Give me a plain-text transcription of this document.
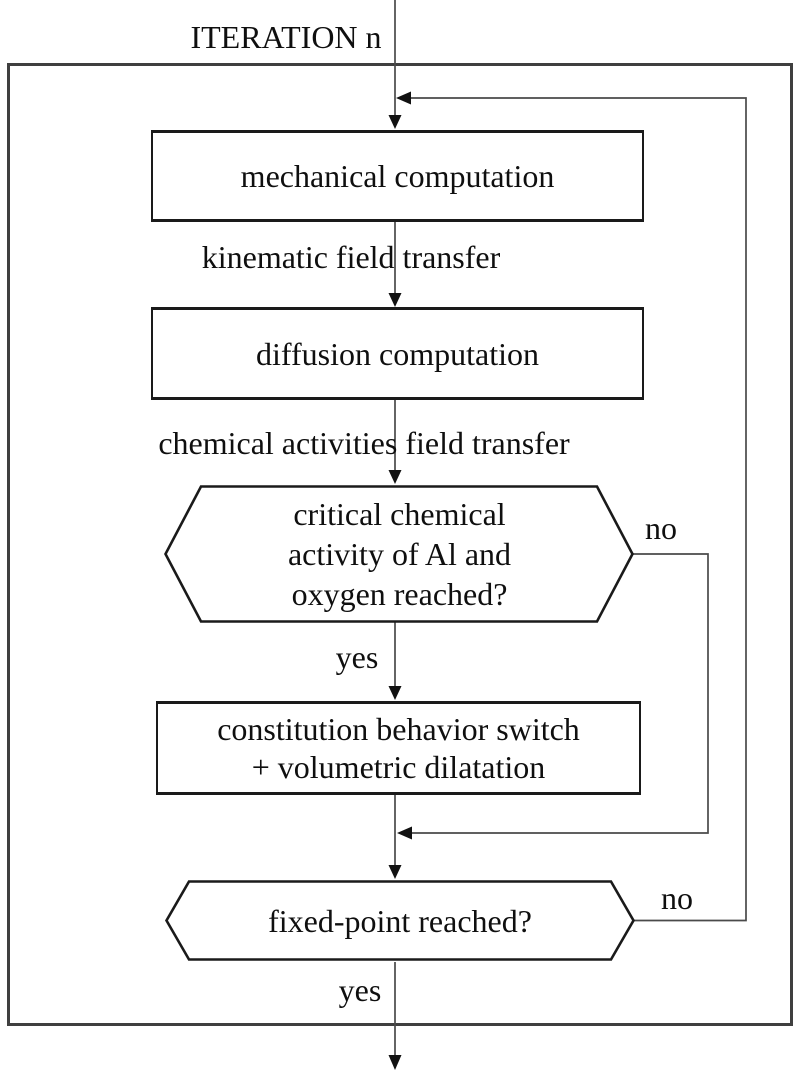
ITERATION n
mechanical computation
kinematic field transfer
diffusion computation
chemical activities field transfer
critical chemical
activity of Al and
oxygen reached?
no
yes
constitution behavior switch
+ volumetric dilatation
fixed-point reached?
no
yes
